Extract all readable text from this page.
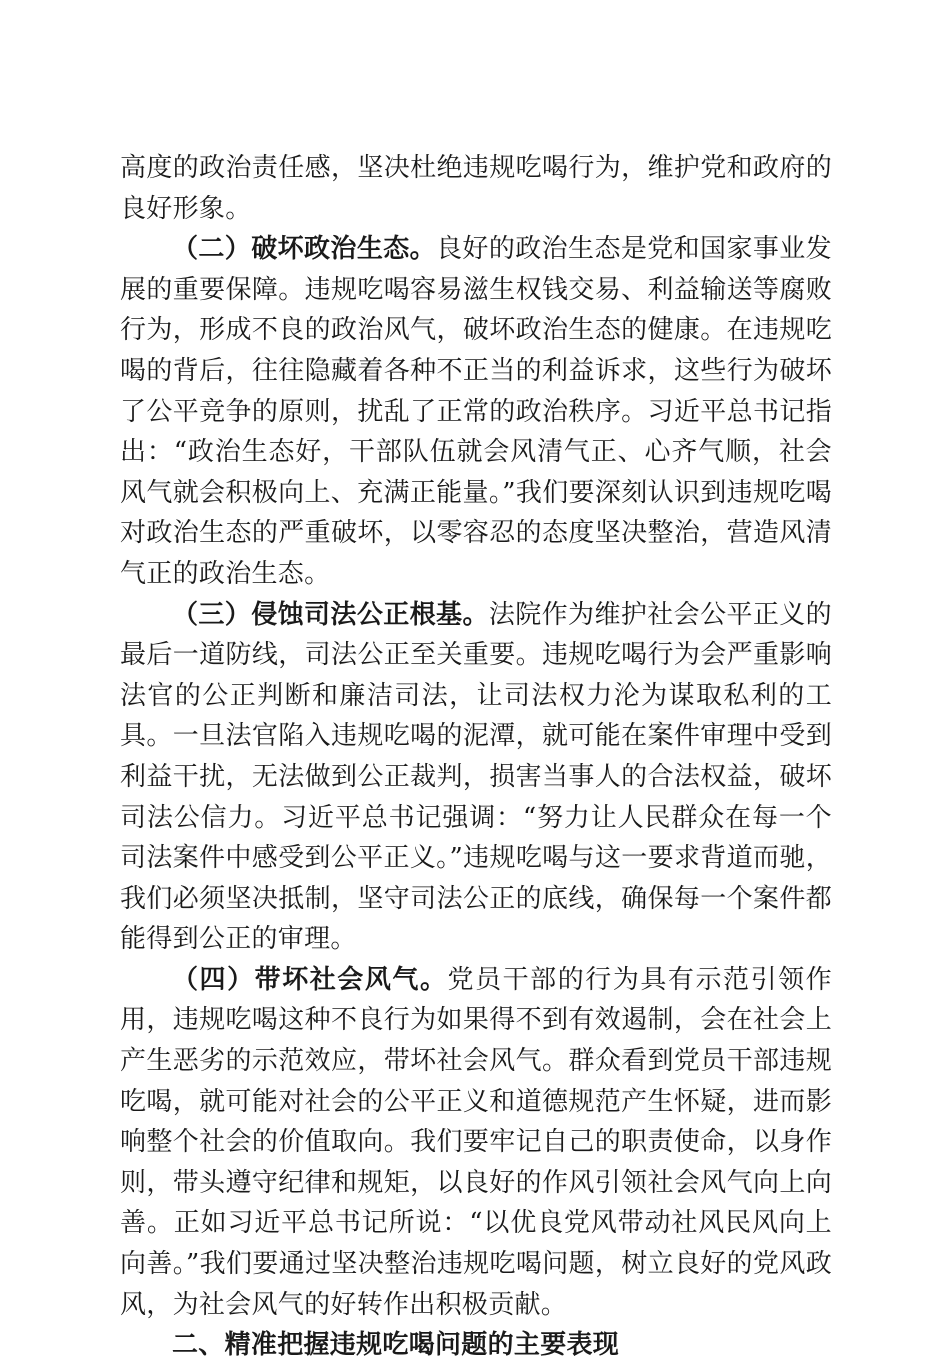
高度的政治责任感，坚决杜绝违规吃喝行为，维护党和政府的良好形象。

（二）破坏政治生态。良好的政治生态是党和国家事业发展的重要保障。违规吃喝容易滋生权钱交易、利益输送等腐败行为，形成不良的政治风气，破坏政治生态的健康。在违规吃喝的背后，往往隐藏着各种不正当的利益诉求，这些行为破坏了公平竞争的原则，扰乱了正常的政治秩序。习近平总书记指出：“政治生态好，干部队伍就会风清气正、心齐气顺，社会风气就会积极向上、充满正能量。”我们要深刻认识到违规吃喝对政治生态的严重破坏，以零容忍的态度坚决整治，营造风清气正的政治生态。

（三）侵蚀司法公正根基。法院作为维护社会公平正义的最后一道防线，司法公正至关重要。违规吃喝行为会严重影响法官的公正判断和廉洁司法，让司法权力沦为谋取私利的工具。一旦法官陷入违规吃喝的泥潭，就可能在案件审理中受到利益干扰，无法做到公正裁判，损害当事人的合法权益，破坏司法公信力。习近平总书记强调：“努力让人民群众在每一个司法案件中感受到公平正义。”违规吃喝与这一要求背道而驰，我们必须坚决抵制，坚守司法公正的底线，确保每一个案件都能得到公正的审理。

（四）带坏社会风气。党员干部的行为具有示范引领作用，违规吃喝这种不良行为如果得不到有效遏制，会在社会上产生恶劣的示范效应，带坏社会风气。群众看到党员干部违规吃喝，就可能对社会的公平正义和道德规范产生怀疑，进而影响整个社会的价值取向。我们要牢记自己的职责使命，以身作则，带头遵守纪律和规矩，以良好的作风引领社会风气向上向善。正如习近平总书记所说：“以优良党风带动社风民风向上向善。”我们要通过坚决整治违规吃喝问题，树立良好的党风政风，为社会风气的好转作出积极贡献。

二、精准把握违规吃喝问题的主要表现
